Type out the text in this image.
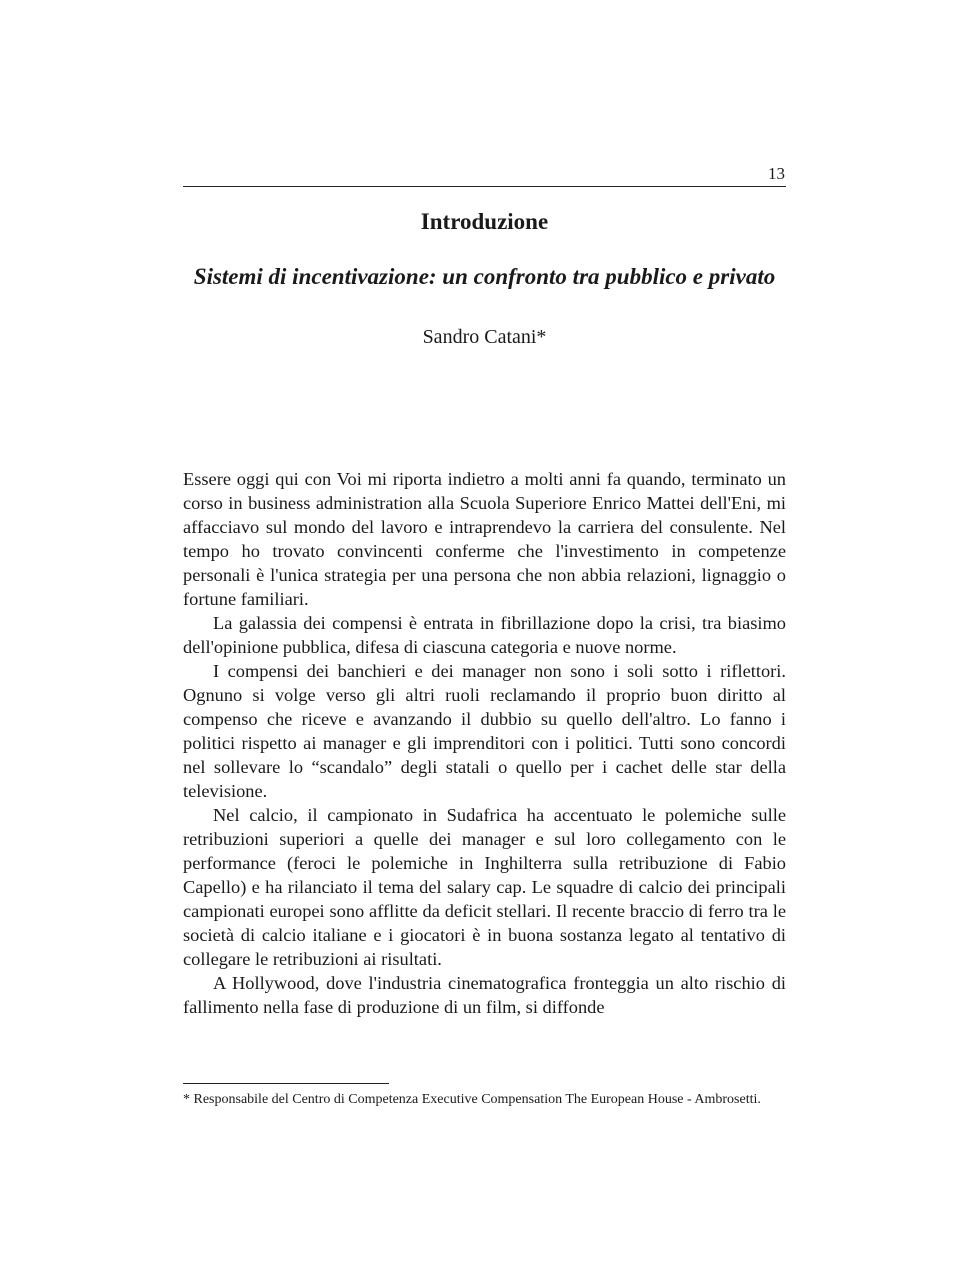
13
Introduzione
Sistemi di incentivazione: un confronto tra pubblico e privato

Sandro Catani*

Essere oggi qui con Voi mi riporta indietro a molti anni fa quando, terminato un corso in business administration alla Scuola Superiore Enrico Mattei dell'Eni, mi affacciavo sul mondo del lavoro e intraprendevo la carriera del consulente. Nel tempo ho trovato convincenti conferme che l'investimento in competenze personali è l'unica strategia per una persona che non abbia relazioni, lignaggio o fortune familiari.

La galassia dei compensi è entrata in fibrillazione dopo la crisi, tra biasimo dell'opinione pubblica, difesa di ciascuna categoria e nuove norme.

I compensi dei banchieri e dei manager non sono i soli sotto i riflettori. Ognuno si volge verso gli altri ruoli reclamando il proprio buon diritto al compenso che riceve e avanzando il dubbio su quello dell'altro. Lo fanno i politici rispetto ai manager e gli imprenditori con i politici. Tutti sono concordi nel sollevare lo “scandalo” degli statali o quello per i cachet delle star della televisione.

Nel calcio, il campionato in Sudafrica ha accentuato le polemiche sulle retribuzioni superiori a quelle dei manager e sul loro collegamento con le performance (feroci le polemiche in Inghilterra sulla retribuzione di Fabio Capello) e ha rilanciato il tema del salary cap. Le squadre di calcio dei principali campionati europei sono afflitte da deficit stellari. Il recente braccio di ferro tra le società di calcio italiane e i giocatori è in buona sostanza legato al tentativo di collegare le retribuzioni ai risultati.

A Hollywood, dove l'industria cinematografica fronteggia un alto rischio di fallimento nella fase di produzione di un film, si diffonde

* Responsabile del Centro di Competenza Executive Compensation The European House - Ambrosetti.
